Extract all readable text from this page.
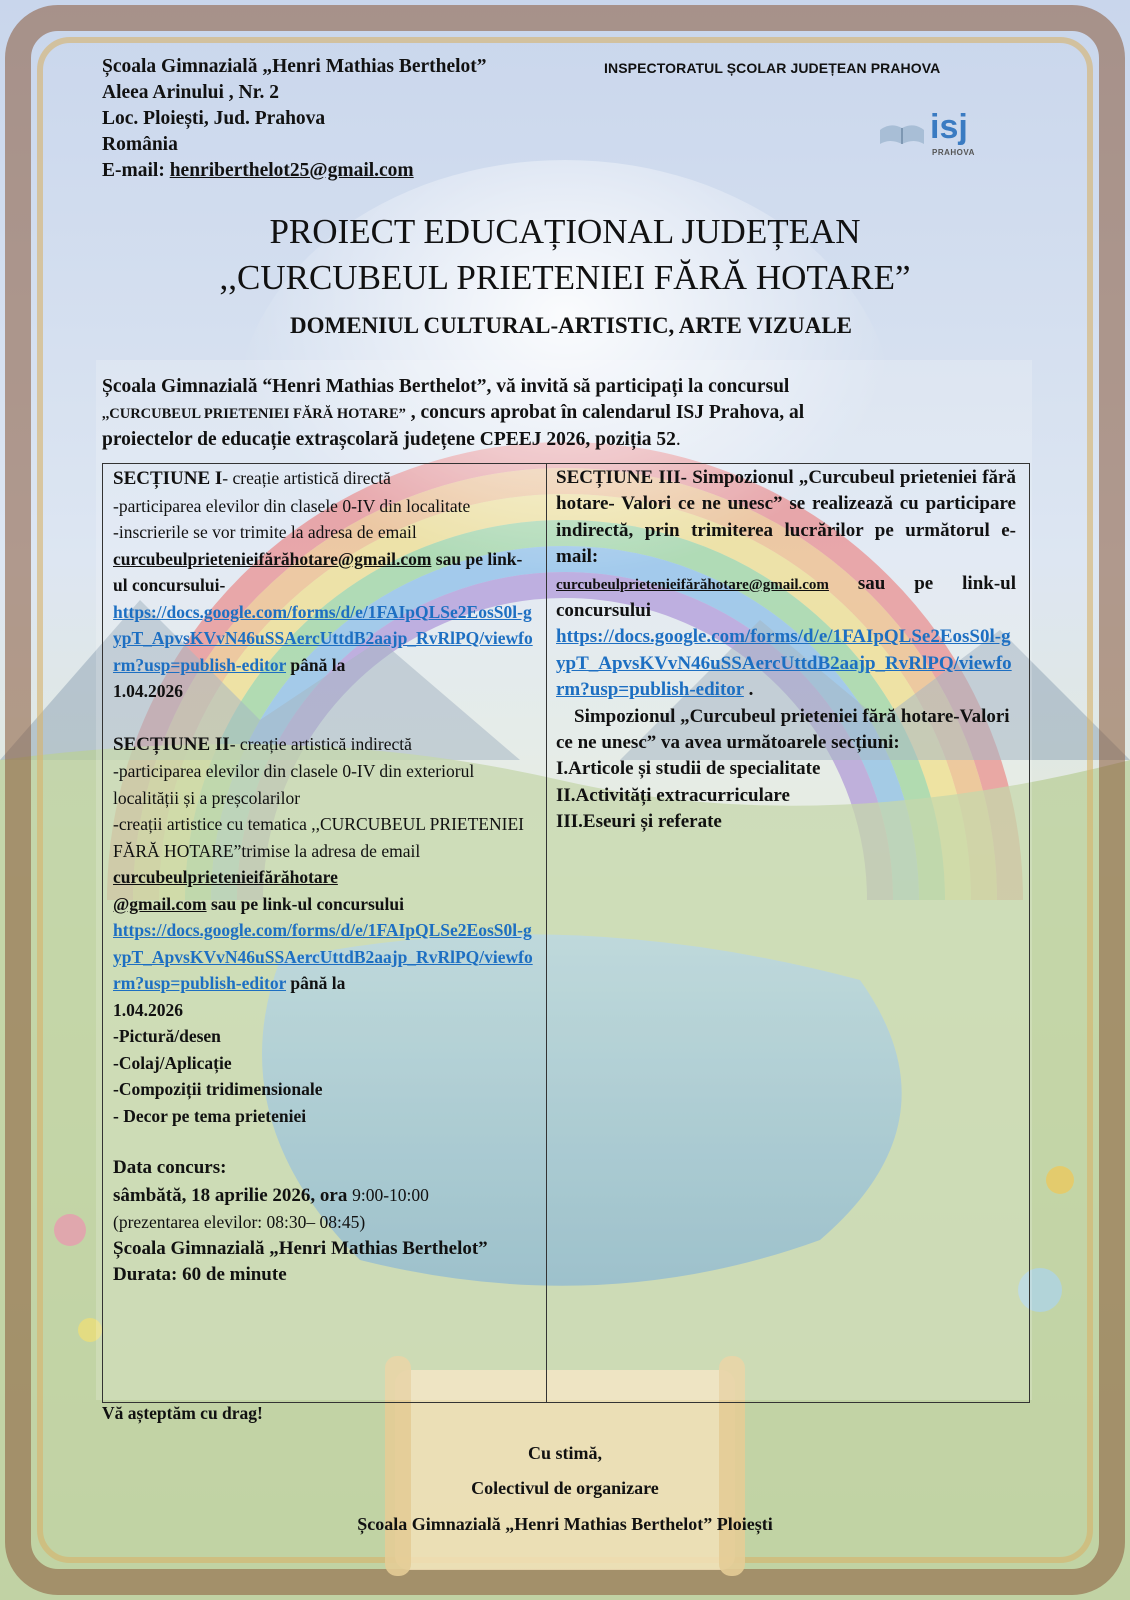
Școala Gimnazială „Henri Mathias Berthelot”
Aleea Arinului , Nr. 2
Loc. Ploiești, Jud. Prahova
România
E-mail: henriberthelot25@gmail.com
INSPECTORATUL ȘCOLAR JUDEȚEAN PRAHOVA
isj
PRAHOVA
PROIECT EDUCAȚIONAL JUDEȚEAN
,,CURCUBEUL PRIETENIEI FĂRĂ HOTARE”
DOMENIUL CULTURAL-ARTISTIC, ARTE VIZUALE
Școala Gimnazială “Henri Mathias Berthelot”, vă invită să participați la concursul
,,CURCUBEUL PRIETENIEI FĂRĂ HOTARE” , concurs aprobat în calendarul ISJ Prahova, al
proiectelor de educație extrașcolară județene CPEEJ 2026, poziția 52.
SECȚIUNE I- creație artistică directă
-participarea elevilor din clasele 0-IV din localitate
-inscrierile se vor trimite la adresa de email
curcubeulprietenieifărăhotare@gmail.com sau pe link-ul concursului-
https://docs.google.com/forms/d/e/1FAIpQLSe2EosS0l-gypT_ApvsKVvN46uSSAercUttdB2aajp_RvRlPQ/viewform?usp=publish-editor până la
1.04.2026
SECȚIUNE II- creație artistică indirectă
-participarea elevilor din clasele 0-IV din exteriorul localității și a preșcolarilor
-creații artistice cu tematica ,,CURCUBEUL PRIETENIEI FĂRĂ HOTARE”trimise la adresa de email curcubeulprietenieifărăhotare
@gmail.com sau pe link-ul concursului
https://docs.google.com/forms/d/e/1FAIpQLSe2EosS0l-gypT_ApvsKVvN46uSSAercUttdB2aajp_RvRlPQ/viewform?usp=publish-editor până la
1.04.2026
-Pictură/desen
-Colaj/Aplicație
-Compoziții tridimensionale
- Decor pe tema prieteniei
Data concurs:
sâmbătă, 18 aprilie 2026, ora 9:00-10:00
(prezentarea elevilor: 08:30– 08:45)
Școala Gimnazială „Henri Mathias Berthelot”
Durata: 60 de minute
SECȚIUNE III- Simpozionul „Curcubeul prieteniei fără hotare- Valori ce ne unesc” se realizează cu participare indirectă, prin trimiterea lucrărilor pe următorul e-mail:
curcubeulprietenieifărăhotare@gmail.com sau pe link-ul concursului
https://docs.google.com/forms/d/e/1FAIpQLSe2EosS0l-gypT_ApvsKVvN46uSSAercUttdB2aajp_RvRlPQ/viewform?usp=publish-editor .
Simpozionul „Curcubeul prieteniei fără hotare-Valori ce ne unesc” va avea următoarele secțiuni:
I.Articole și studii de specialitate
II.Activități extracurriculare
III.Eseuri și referate
Vă așteptăm cu drag!
Cu stimă,
Colectivul de organizare
Școala Gimnazială „Henri Mathias Berthelot” Ploiești
